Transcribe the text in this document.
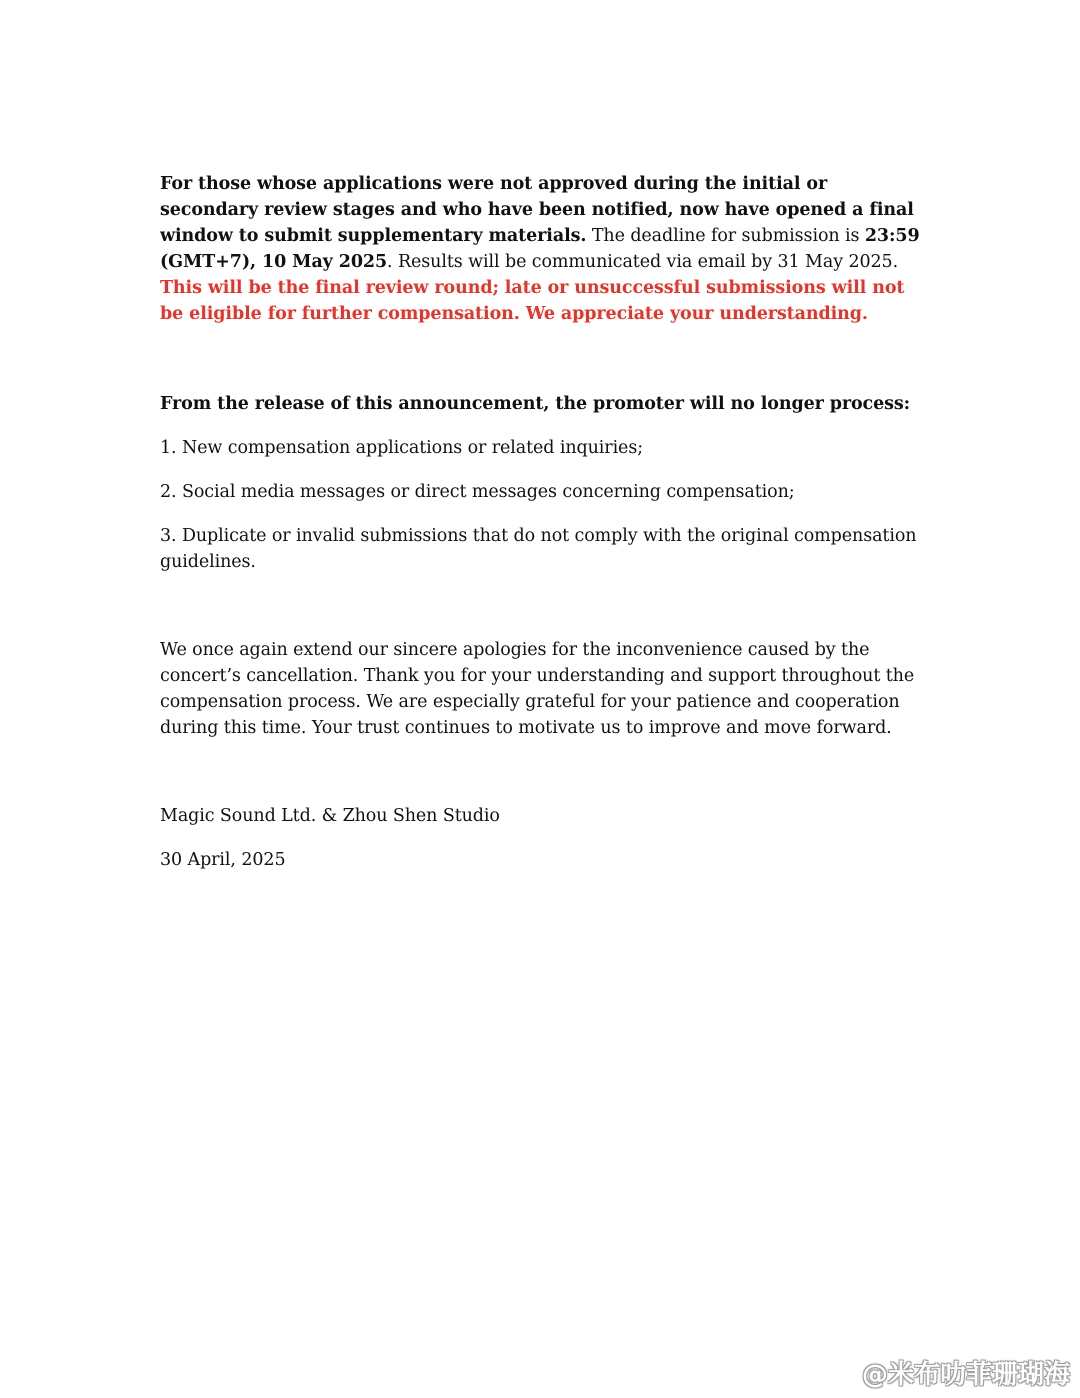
For those whose applications were not approved during the initial or secondary review stages and who have been notified, now have opened a final window to submit supplementary materials. The deadline for submission is 23:59 (GMT+7), 10 May 2025. Results will be communicated via email by 31 May 2025. This will be the final review round; late or unsuccessful submissions will not be eligible for further compensation. We appreciate your understanding.

From the release of this announcement, the promoter will no longer process:

1. New compensation applications or related inquiries;

2. Social media messages or direct messages concerning compensation;

3. Duplicate or invalid submissions that do not comply with the original compensation guidelines.

We once again extend our sincere apologies for the inconvenience caused by the concert’s cancellation. Thank you for your understanding and support throughout the compensation process. We are especially grateful for your patience and cooperation during this time. Your trust continues to motivate us to improve and move forward.

Magic Sound Ltd. & Zhou Shen Studio

30 April, 2025

@米布叻菲珊瑚海
